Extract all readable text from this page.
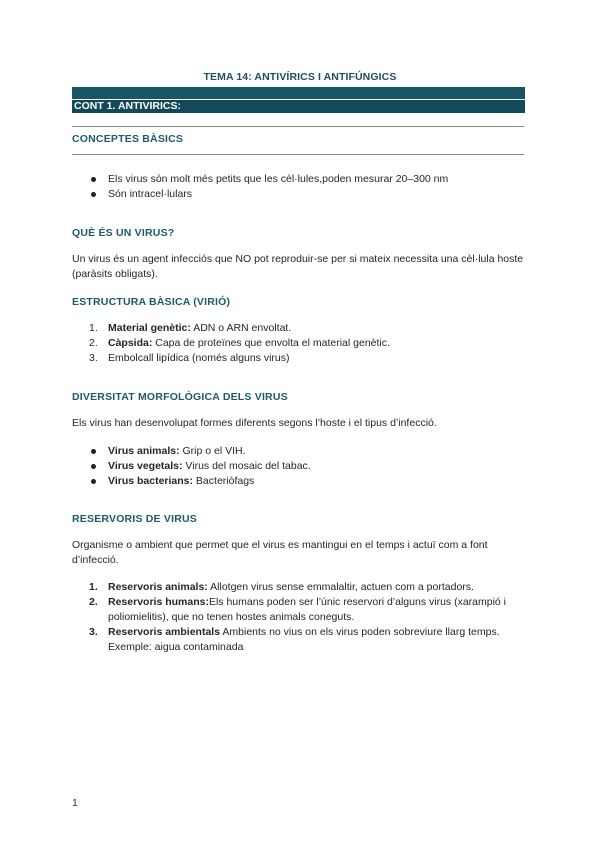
TEMA 14: ANTIVÍRICS I ANTIFÚNGICS
CONT 1. ANTIVIRICS:
CONCEPTES BÀSICS
Els virus són molt més petits que les cèl·lules,poden mesurar 20–300 nm
Són intracel·lulars
QUÈ ÉS UN VIRUS?
Un virus és un agent infecciós que NO pot reproduir-se per si mateix necessita una cèl·lula hoste (paràsits obligats).
ESTRUCTURA BÀSICA (VIRIÓ)
1. Material genètic: ADN o ARN envoltat.
2. Càpsida: Capa de proteïnes que envolta el material genètic.
3. Embolcall lipídica (només alguns virus)
DIVERSITAT MORFOLÒGICA DELS VIRUS
Els virus han desenvolupat formes diferents segons l’hoste i el tipus d’infecció.
Virus animals: Grip o el VIH.
Virus vegetals: Virus del mosaic del tabac.
Virus bacterians: Bacteriòfags
RESERVORIS DE VIRUS
Organisme o ambient que permet que el virus es mantingui en el temps i actuï com a font d’infecció.
1. Reservoris animals: Allotgen virus sense emmalaltir, actuen com a portadors.
2. Reservoris humans:Els humans poden ser l’únic reservori d’alguns virus (xarampió i poliomielitis), que no tenen hostes animals coneguts.
3. Reservoris ambientals Ambients no vius on els virus poden sobreviure llarg temps. Exemple: aigua contaminada
1
